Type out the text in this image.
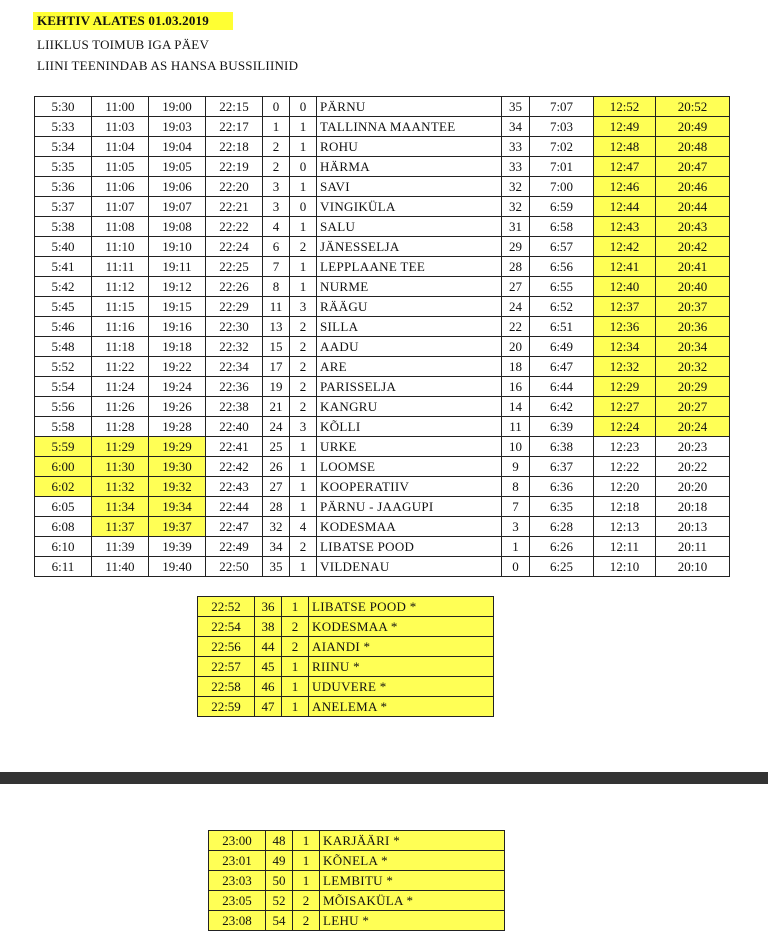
KEHTIV ALATES 01.03.2019
LIIKLUS TOIMUB IGA PÄEV
LIINI TEENINDAB AS HANSA BUSSILIINID
5:30	11:00	19:00	22:15	0	0	PÄRNU	35	7:07	12:52	20:52
5:33	11:03	19:03	22:17	1	1	TALLINNA MAANTEE	34	7:03	12:49	20:49
5:34	11:04	19:04	22:18	2	1	ROHU	33	7:02	12:48	20:48
5:35	11:05	19:05	22:19	2	0	HÄRMA	33	7:01	12:47	20:47
5:36	11:06	19:06	22:20	3	1	SAVI	32	7:00	12:46	20:46
5:37	11:07	19:07	22:21	3	0	VINGIKÜLA	32	6:59	12:44	20:44
5:38	11:08	19:08	22:22	4	1	SALU	31	6:58	12:43	20:43
5:40	11:10	19:10	22:24	6	2	JÄNESSELJA	29	6:57	12:42	20:42
5:41	11:11	19:11	22:25	7	1	LEPPLAANE TEE	28	6:56	12:41	20:41
5:42	11:12	19:12	22:26	8	1	NURME	27	6:55	12:40	20:40
5:45	11:15	19:15	22:29	11	3	RÄÄGU	24	6:52	12:37	20:37
5:46	11:16	19:16	22:30	13	2	SILLA	22	6:51	12:36	20:36
5:48	11:18	19:18	22:32	15	2	AADU	20	6:49	12:34	20:34
5:52	11:22	19:22	22:34	17	2	ARE	18	6:47	12:32	20:32
5:54	11:24	19:24	22:36	19	2	PARISSELJA	16	6:44	12:29	20:29
5:56	11:26	19:26	22:38	21	2	KANGRU	14	6:42	12:27	20:27
5:58	11:28	19:28	22:40	24	3	KÕLLI	11	6:39	12:24	20:24
5:59	11:29	19:29	22:41	25	1	URKE	10	6:38	12:23	20:23
6:00	11:30	19:30	22:42	26	1	LOOMSE	9	6:37	12:22	20:22
6:02	11:32	19:32	22:43	27	1	KOOPERATIIV	8	6:36	12:20	20:20
6:05	11:34	19:34	22:44	28	1	PÄRNU - JAAGUPI	7	6:35	12:18	20:18
6:08	11:37	19:37	22:47	32	4	KODESMAA	3	6:28	12:13	20:13
6:10	11:39	19:39	22:49	34	2	LIBATSE POOD	1	6:26	12:11	20:11
6:11	11:40	19:40	22:50	35	1	VILDENAU	0	6:25	12:10	20:10
22:52	36	1	LIBATSE POOD *
22:54	38	2	KODESMAA *
22:56	44	2	AIANDI *
22:57	45	1	RIINU *
22:58	46	1	UDUVERE *
22:59	47	1	ANELEMA *
23:00	48	1	KARJÄÄRI *
23:01	49	1	KÕNELA *
23:03	50	1	LEMBITU *
23:05	52	2	MÕISAKÜLA *
23:08	54	2	LEHU *
